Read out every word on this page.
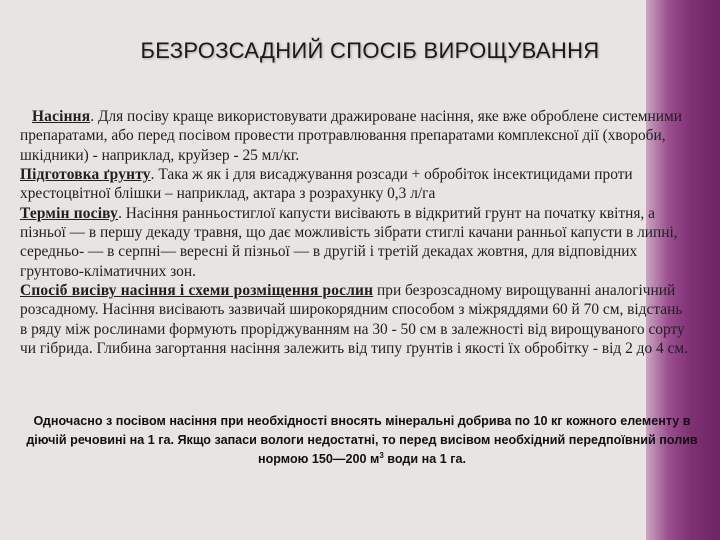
БЕЗРОЗСАДНИЙ СПОСІБ ВИРОЩУВАННЯ

Насіння. Для посіву краще використовувати дражироване насіння, яке вже оброблене системними препаратами, або перед посівом провести протравлювання препаратами комплексної дії (хвороби, шкідники) - наприклад, круйзер - 25 мл/кг.

Підготовка ґрунту. Така ж як і для висаджування розсади + обробіток інсектицидами проти хрестоцвітної блішки – наприклад, актара з розрахунку 0,3 л/га

Термін посіву. Насіння ранньостиглої капусти висівають в відкритий грунт на початку квітня, а пізньої — в першу декаду травня, що дає можливість зібрати стиглі качани ранньої капусти в липні, середньо- — в серпні— вересні й пізньої — в другій і третій декадах жовтня, для відповідних грунтово-кліматичних зон.

Спосіб висіву насіння і схеми розміщення рослин при безрозсадному вирощуванні аналогічний розсадному. Насіння висівають зазвичай широкорядним способом з міжряддями 60 й 70 см, відстань в ряду між рослинами формують проріджуванням на 30 - 50 см в залежності від вирощуваного сорту чи гібрида. Глибина загортання насіння залежить від типу ґрунтів і якості їх обробітку - від 2 до 4 см.

Одночасно з посівом насіння при необхідності вносять мінеральні добрива по 10 кг кожного елементу в діючій речовині на 1 га. Якщо запаси вологи недостатні, то перед висівом необхідний передпоївний полив нормою 150—200 $м^3$ води на 1 га.
